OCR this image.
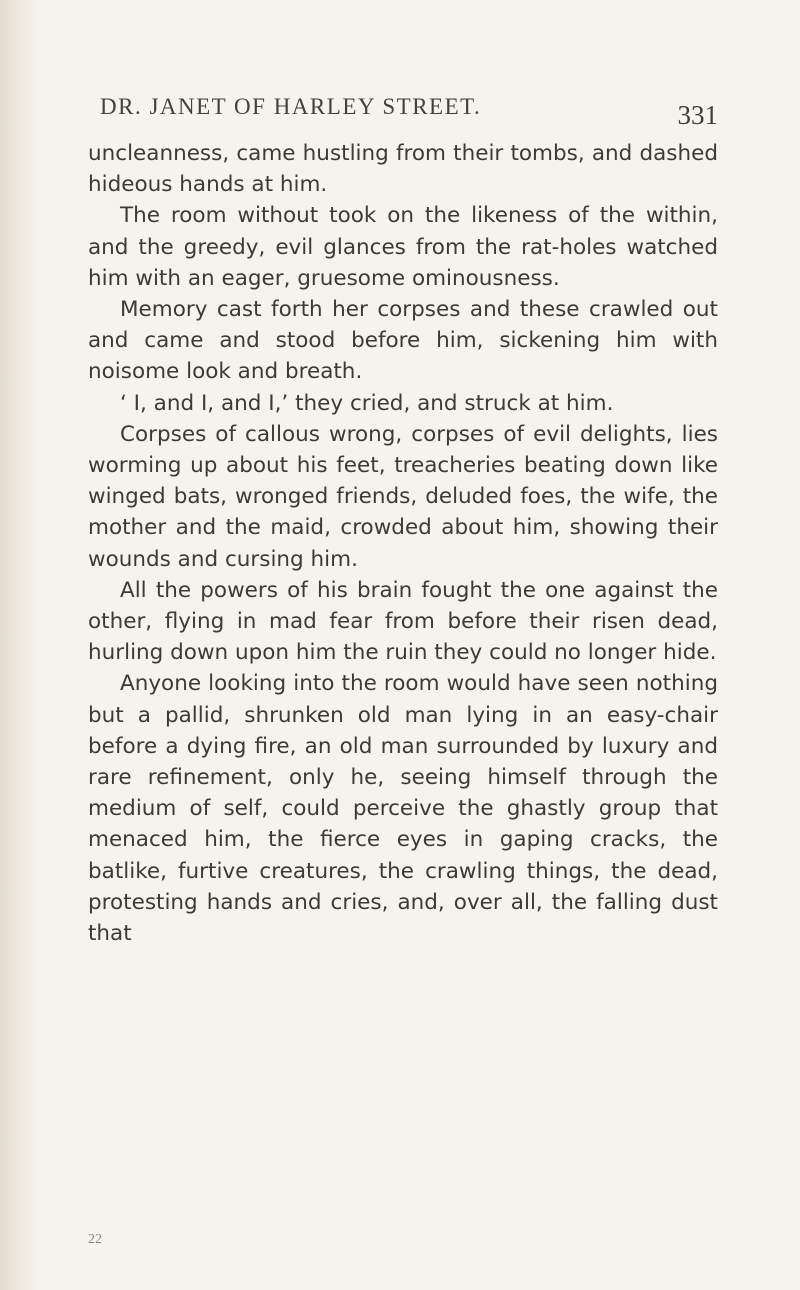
DR. JANET OF HARLEY STREET.	331

uncleanness, came hustling from their tombs, and dashed hideous hands at him.

The room without took on the likeness of the within, and the greedy, evil glances from the rat-holes watched him with an eager, gruesome ominousness.

Memory cast forth her corpses and these crawled out and came and stood before him, sickening him with noisome look and breath.

‘ I, and I, and I,’ they cried, and struck at him.

Corpses of callous wrong, corpses of evil delights, lies worming up about his feet, treacheries beating down like winged bats, wronged friends, deluded foes, the wife, the mother and the maid, crowded about him, showing their wounds and cursing him.

All the powers of his brain fought the one against the other, flying in mad fear from before their risen dead, hurling down upon him the ruin they could no longer hide.

Anyone looking into the room would have seen nothing but a pallid, shrunken old man lying in an easy-chair before a dying fire, an old man surrounded by luxury and rare refinement, only he, seeing himself through the medium of self, could perceive the ghastly group that menaced him, the fierce eyes in gaping cracks, the batlike, furtive creatures, the crawling things, the dead, protesting hands and cries, and, over all, the falling dust that

22
